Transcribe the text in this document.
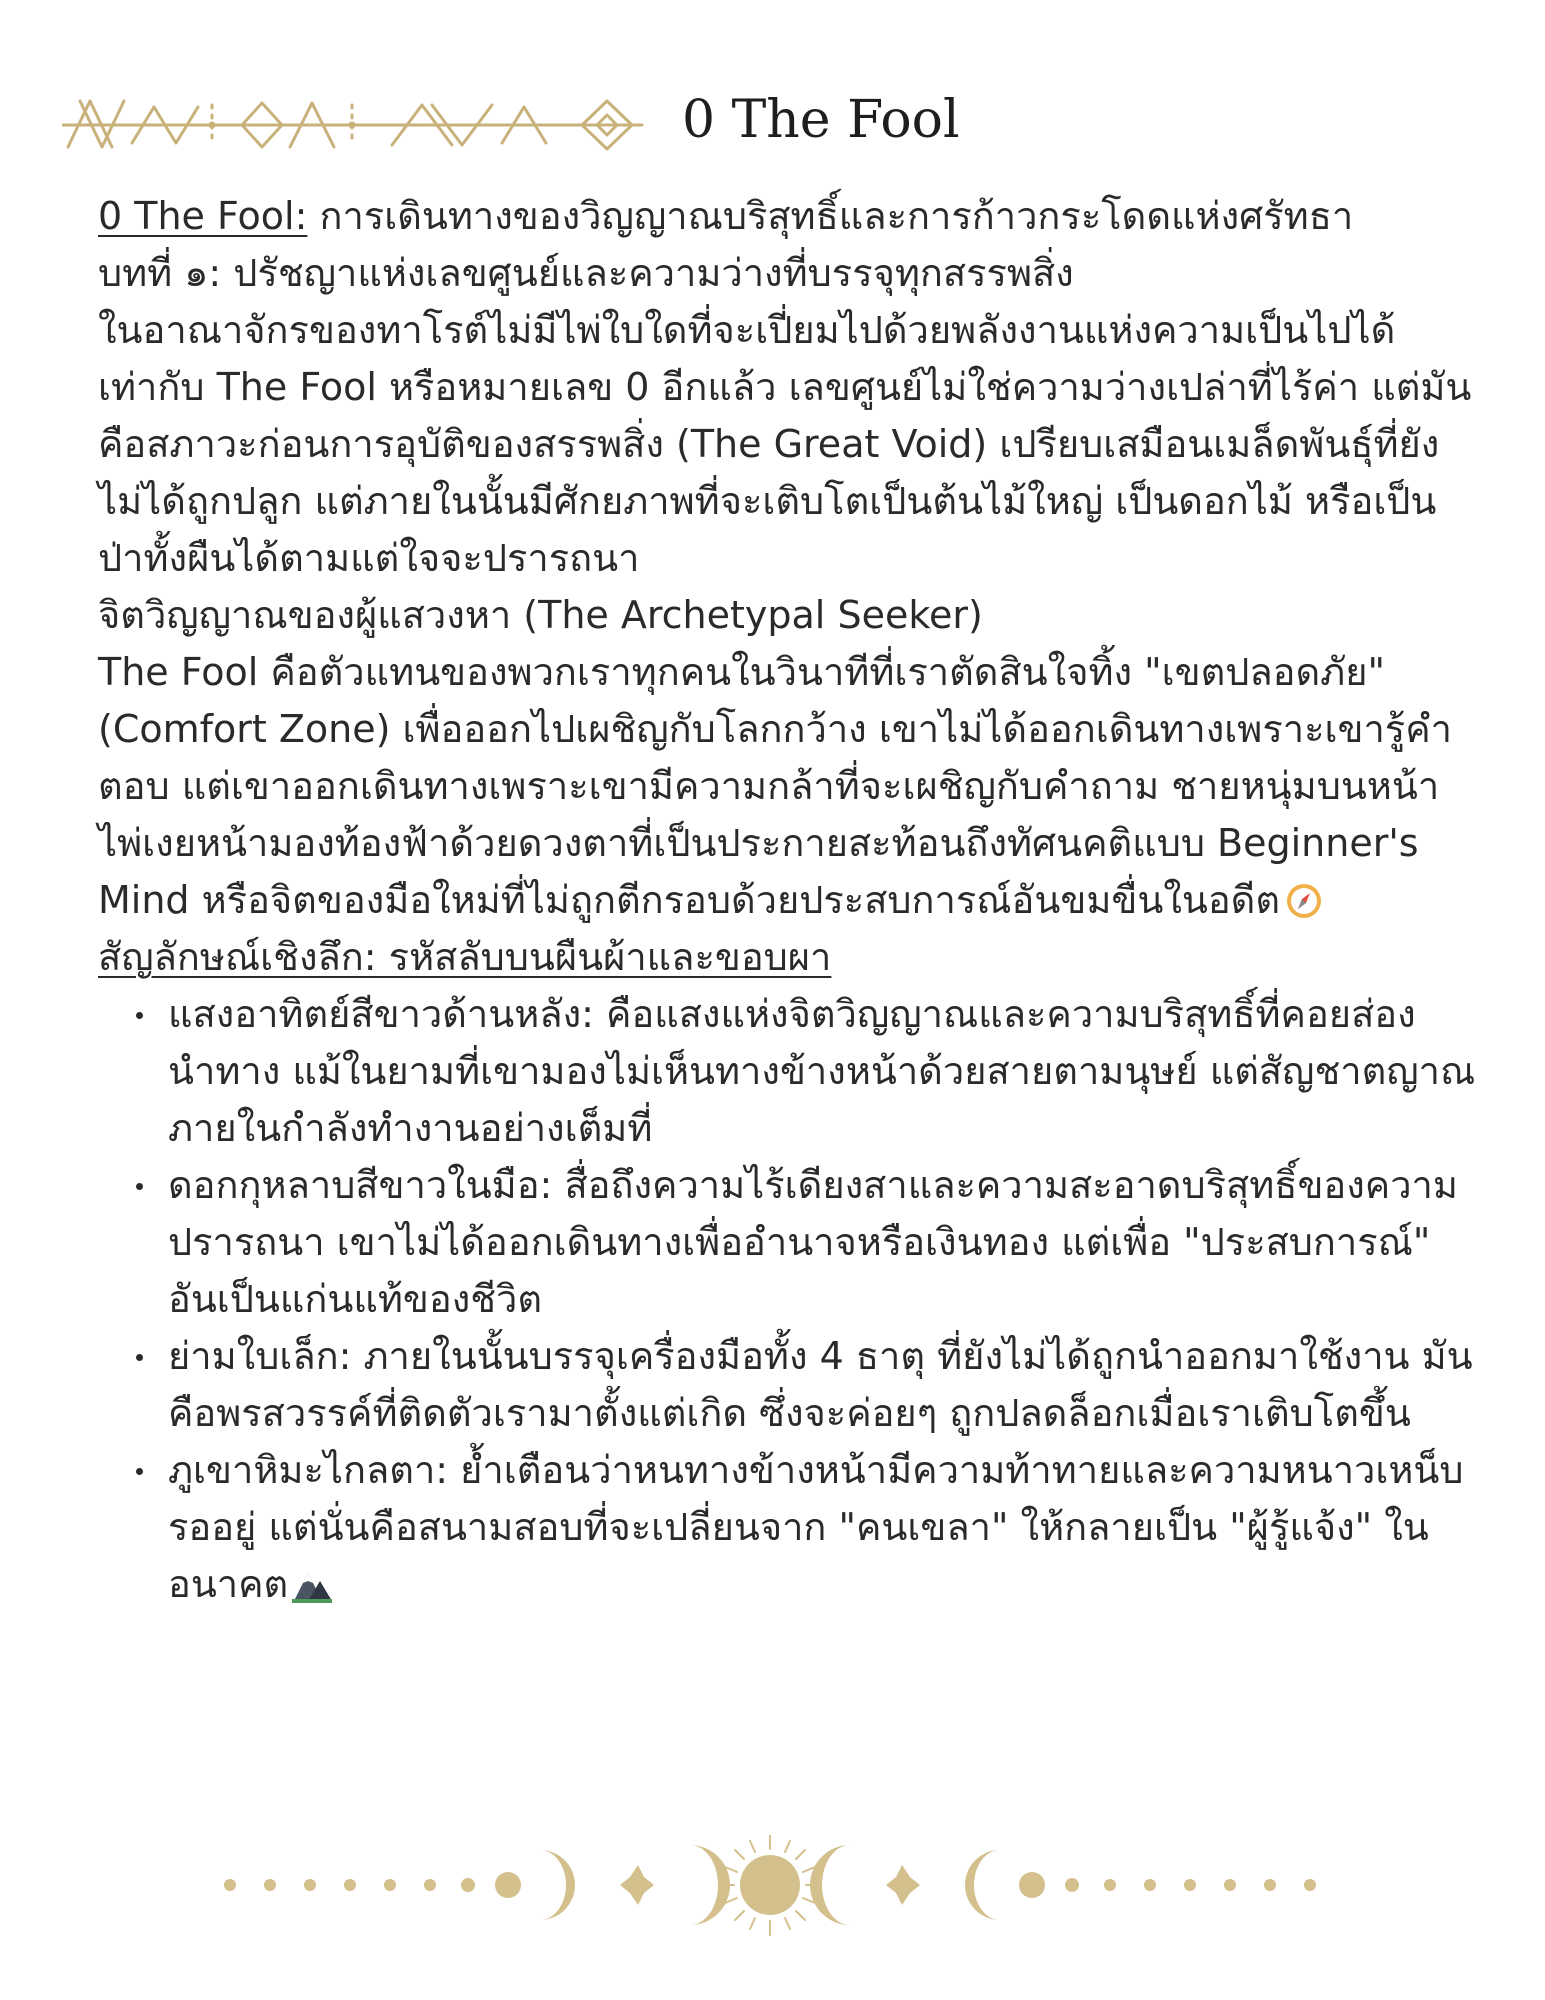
0 The Fool

0 The Fool: การเดินทางของวิญญาณบริสุทธิ์และการก้าวกระโดดแห่งศรัทธา

บทที่ ๑: ปรัชญาแห่งเลขศูนย์และความว่างที่บรรจุทุกสรรพสิ่ง

ในอาณาจักรของทาโรต์ไม่มีไพ่ใบใดที่จะเปี่ยมไปด้วยพลังงานแห่งความเป็นไปได้เท่ากับ The Fool หรือหมายเลข 0 อีกแล้ว เลขศูนย์ไม่ใช่ความว่างเปล่าที่ไร้ค่า แต่มันคือสภาวะก่อนการอุบัติของสรรพสิ่ง (The Great Void) เปรียบเสมือนเมล็ดพันธุ์ที่ยังไม่ได้ถูกปลูก แต่ภายในนั้นมีศักยภาพที่จะเติบโตเป็นต้นไม้ใหญ่ เป็นดอกไม้ หรือเป็นป่าทั้งผืนได้ตามแต่ใจจะปรารถนา

จิตวิญญาณของผู้แสวงหา (The Archetypal Seeker)

The Fool คือตัวแทนของพวกเราทุกคนในวินาทีที่เราตัดสินใจทิ้ง "เขตปลอดภัย" (Comfort Zone) เพื่อออกไปเผชิญกับโลกกว้าง เขาไม่ได้ออกเดินทางเพราะเขารู้คำตอบ แต่เขาออกเดินทางเพราะเขามีความกล้าที่จะเผชิญกับคำถาม ชายหนุ่มบนหน้าไพ่เงยหน้ามองท้องฟ้าด้วยดวงตาที่เป็นประกายสะท้อนถึงทัศนคติแบบ Beginner's Mind หรือจิตของมือใหม่ที่ไม่ถูกตีกรอบด้วยประสบการณ์อันขมขื่นในอดีต

สัญลักษณ์เชิงลึก: รหัสลับบนผืนผ้าและขอบผา

แสงอาทิตย์สีขาวด้านหลัง: คือแสงแห่งจิตวิญญาณและความบริสุทธิ์ที่คอยส่องนำทาง แม้ในยามที่เขามองไม่เห็นทางข้างหน้าด้วยสายตามนุษย์ แต่สัญชาตญาณภายในกำลังทำงานอย่างเต็มที่
ดอกกุหลาบสีขาวในมือ: สื่อถึงความไร้เดียงสาและความสะอาดบริสุทธิ์ของความปรารถนา เขาไม่ได้ออกเดินทางเพื่ออำนาจหรือเงินทอง แต่เพื่อ "ประสบการณ์" อันเป็นแก่นแท้ของชีวิต
ย่ามใบเล็ก: ภายในนั้นบรรจุเครื่องมือทั้ง 4 ธาตุ ที่ยังไม่ได้ถูกนำออกมาใช้งาน มันคือพรสวรรค์ที่ติดตัวเรามาตั้งแต่เกิด ซึ่งจะค่อยๆ ถูกปลดล็อกเมื่อเราเติบโตขึ้น
ภูเขาหิมะไกลตา: ย้ำเตือนว่าหนทางข้างหน้ามีความท้าทายและความหนาวเหน็บรออยู่ แต่นั่นคือสนามสอบที่จะเปลี่ยนจาก "คนเขลา" ให้กลายเป็น "ผู้รู้แจ้ง" ในอนาคต
